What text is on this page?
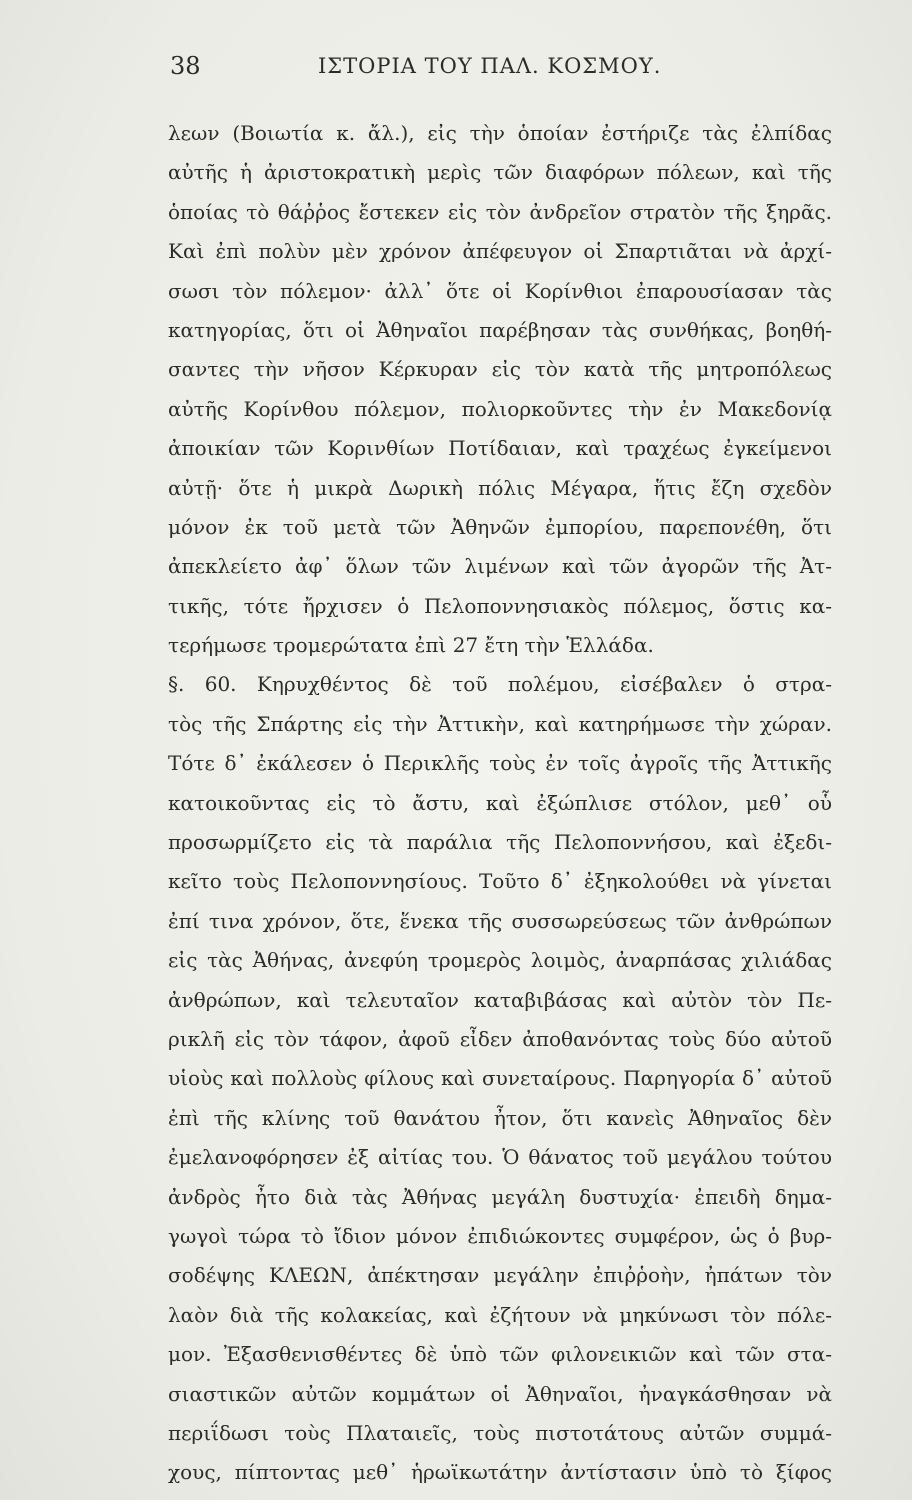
38	ΙΣΤΟΡΙΑ ΤΟΥ ΠΑΛ. ΚΟΣΜΟΥ.
λεων (Βοιωτία κ. ἄλ.), εἰς τὴν ὁποίαν ἐστήριζε τὰς ἐλπίδας
αὐτῆς ἡ ἀριστοκρατικὴ μερὶς τῶν διαφόρων πόλεων, καὶ τῆς
ὁποίας τὸ θάῤῥος ἔστεκεν εἰς τὸν ἀνδρεῖον στρατὸν τῆς ξηρᾶς.
Καὶ ἐπὶ πολὺν μὲν χρόνον ἀπέφευγον οἱ Σπαρτιᾶται νὰ ἀρχί-
σωσι τὸν πόλεμον· ἀλλ᾽ ὅτε οἱ Κορίνθιοι ἐπαρουσίασαν τὰς
κατηγορίας, ὅτι οἱ Ἀθηναῖοι παρέβησαν τὰς συνθήκας, βοηθή-
σαντες τὴν νῆσον Κέρκυραν εἰς τὸν κατὰ τῆς μητροπόλεως
αὐτῆς Κορίνθου πόλεμον, πολιορκοῦντες τὴν ἐν Μακεδονίᾳ
ἀποικίαν τῶν Κορινθίων Ποτίδαιαν, καὶ τραχέως ἐγκείμενοι
αὐτῇ· ὅτε ἡ μικρὰ Δωρικὴ πόλις Μέγαρα, ἥτις ἔζη σχεδὸν
μόνον ἐκ τοῦ μετὰ τῶν Ἀθηνῶν ἐμπορίου, παρεπονέθη, ὅτι
ἀπεκλείετο ἀφ᾽ ὅλων τῶν λιμένων καὶ τῶν ἀγορῶν τῆς Ἀτ-
τικῆς, τότε ἤρχισεν ὁ Πελοποννησιακὸς πόλεμος, ὅστις κα-
τερήμωσε τρομερώτατα ἐπὶ 27 ἔτη τὴν Ἑλλάδα.
§. 60. Κηρυχθέντος δὲ τοῦ πολέμου, εἰσέβαλεν ὁ στρα-
τὸς τῆς Σπάρτης εἰς τὴν Ἀττικὴν, καὶ κατηρήμωσε τὴν χώραν.
Τότε δ᾽ ἐκάλεσεν ὁ Περικλῆς τοὺς ἐν τοῖς ἀγροῖς τῆς Ἀττικῆς
κατοικοῦντας εἰς τὸ ἄστυ, καὶ ἐξώπλισε στόλον, μεθ᾽ οὗ
προσωρμίζετο εἰς τὰ παράλια τῆς Πελοποννήσου, καὶ ἐξεδι-
κεῖτο τοὺς Πελοποννησίους. Τοῦτο δ᾽ ἐξηκολούθει νὰ γίνεται
ἐπί τινα χρόνον, ὅτε, ἕνεκα τῆς συσσωρεύσεως τῶν ἀνθρώπων
εἰς τὰς Ἀθήνας, ἀνεφύη τρομερὸς λοιμὸς, ἀναρπάσας χιλιάδας
ἀνθρώπων, καὶ τελευταῖον καταβιβάσας καὶ αὐτὸν τὸν Πε-
ρικλῆ εἰς τὸν τάφον, ἀφοῦ εἶδεν ἀποθανόντας τοὺς δύο αὐτοῦ
υἱοὺς καὶ πολλοὺς φίλους καὶ συνεταίρους. Παρηγορία δ᾽ αὐτοῦ
ἐπὶ τῆς κλίνης τοῦ θανάτου ἦτον, ὅτι κανεὶς Ἀθηναῖος δὲν
ἐμελανοφόρησεν ἐξ αἰτίας του. Ὁ θάνατος τοῦ μεγάλου τούτου
ἀνδρὸς ἦτο διὰ τὰς Ἀθήνας μεγάλη δυστυχία· ἐπειδὴ δημα-
γωγοὶ τώρα τὸ ἴδιον μόνον ἐπιδιώκοντες συμφέρον, ὡς ὁ βυρ-
σοδέψης ΚΛΕΩΝ, ἀπέκτησαν μεγάλην ἐπιῤῥοὴν, ἠπάτων τὸν
λαὸν διὰ τῆς κολακείας, καὶ ἐζήτουν νὰ μηκύνωσι τὸν πόλε-
μον. Ἐξασθενισθέντες δὲ ὑπὸ τῶν φιλονεικιῶν καὶ τῶν στα-
σιαστικῶν αὐτῶν κομμάτων οἱ Ἀθηναῖοι, ἠναγκάσθησαν νὰ
περιΐδωσι τοὺς Πλαταιεῖς, τοὺς πιστοτάτους αὐτῶν συμμά-
χους, πίπτοντας μεθ᾽ ἡρωϊκωτάτην ἀντίστασιν ὑπὸ τὸ ξίφος
